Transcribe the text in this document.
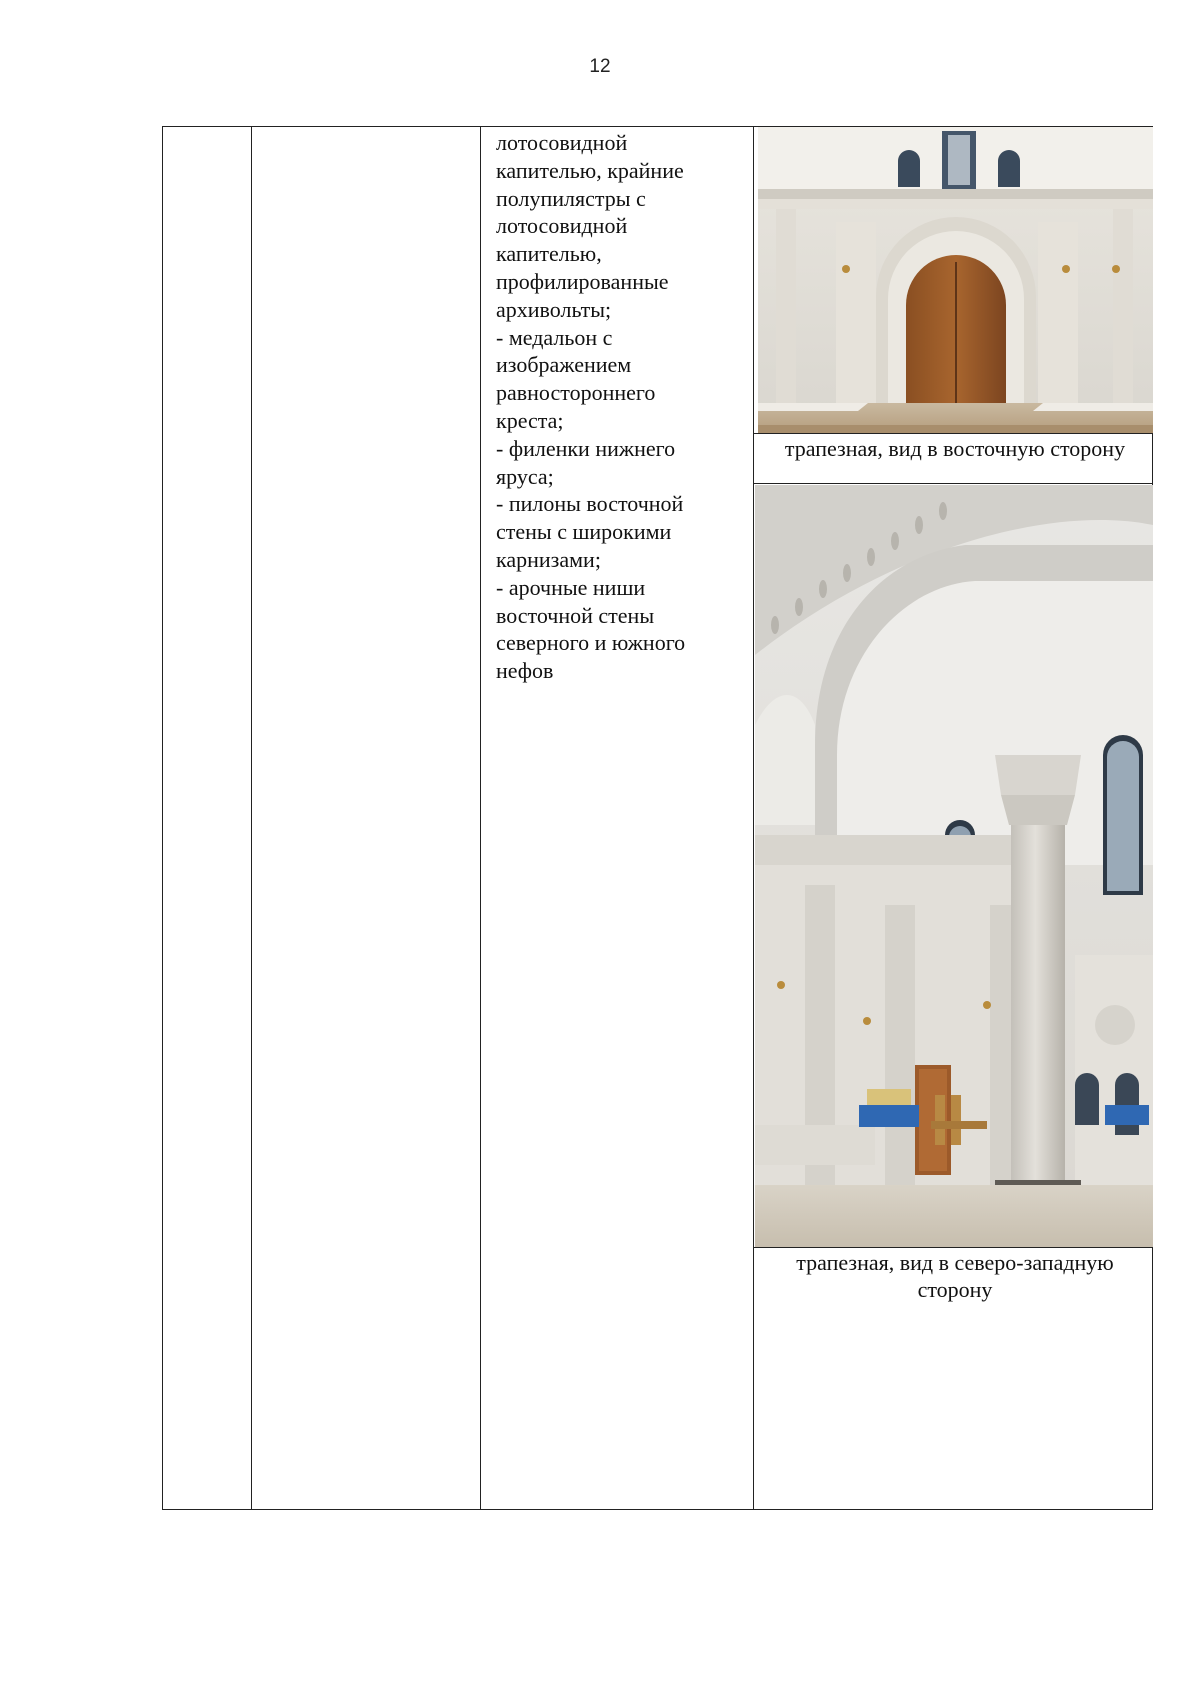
12
лотосовидной
капителью, крайние
полупилястры с
лотосовидной
капителью,
профилированные
архивольты;
- медальон с
изображением
равностороннего
креста;
- филенки нижнего
яруса;
- пилоны восточной
стены с широкими
карнизами;
- арочные ниши
восточной стены
северного и южного
нефов
трапезная, вид в восточную сторону
трапезная, вид в северо-западную
сторону
